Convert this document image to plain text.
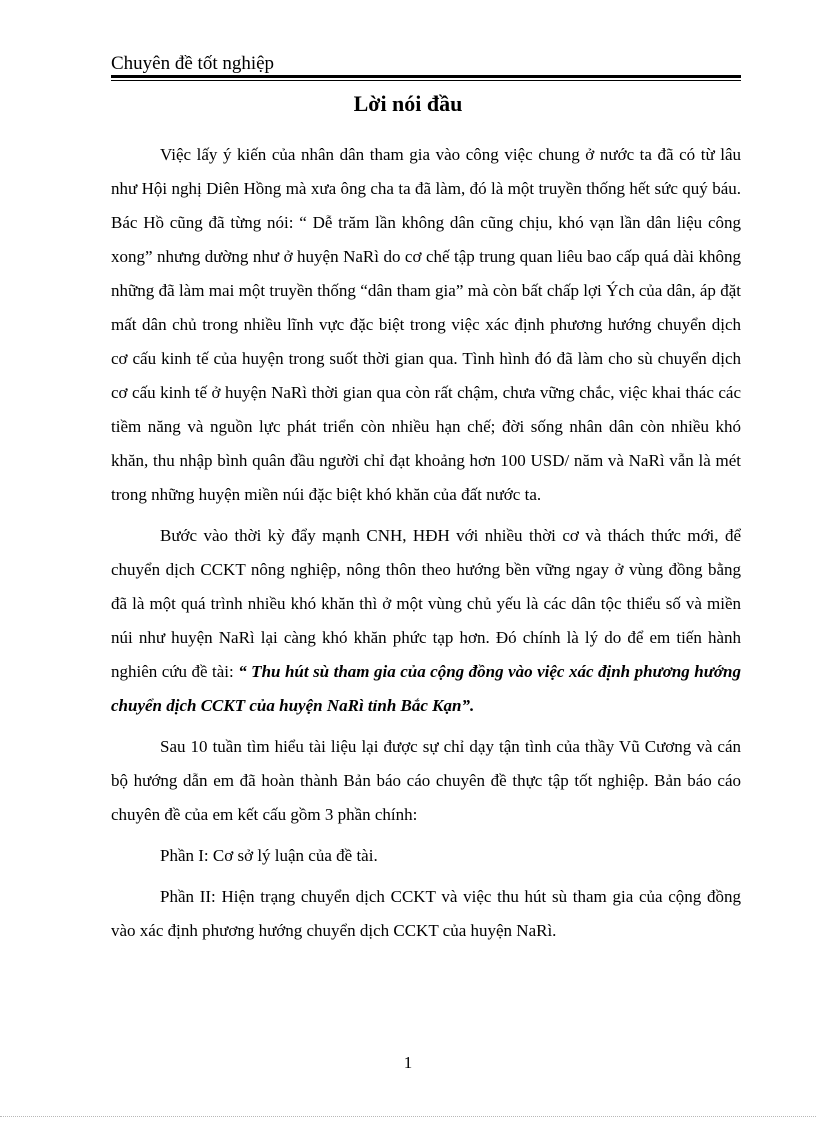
Chuyên đề tốt nghiệp
Lời nói đầu

Việc lấy ý kiến của nhân dân tham gia vào công việc chung ở nước ta đã có từ lâu như Hội nghị Diên Hồng mà xưa ông cha ta đã làm, đó là một truyền thống hết sức quý báu. Bác Hồ cũng đã từng nói: “ Dễ trăm lần không dân cũng chịu, khó vạn lần dân liệu công xong” nhưng dường như ở huyện NaRì do cơ chế tập trung quan liêu bao cấp quá dài không những đã làm mai một truyền thống “dân tham gia” mà còn bất chấp lợi Ých của dân, áp đặt mất dân chủ trong nhiều lĩnh vực đặc biệt trong việc xác định phương hướng chuyển dịch cơ cấu kinh tế của huyện trong suốt thời gian qua. Tình hình đó đã làm cho sù chuyển dịch cơ cấu kinh tế ở huyện NaRì thời gian qua còn rất chậm, chưa vững chắc, việc khai thác các tiềm năng và nguồn lực phát triển còn nhiều hạn chế; đời sống nhân dân còn nhiều khó khăn, thu nhập bình quân đầu người chỉ đạt khoảng hơn 100 USD/ năm và NaRì vẫn là mét trong những huyện miền núi đặc biệt khó khăn của đất nước ta.

Bước vào thời kỳ đẩy mạnh CNH, HĐH với nhiều thời cơ và thách thức mới, để chuyển dịch CCKT nông nghiệp, nông thôn theo hướng bền vững ngay ở vùng đồng bằng đã là một quá trình nhiều khó khăn thì ở một vùng chủ yếu là các dân tộc thiểu số và miền núi như huyện NaRì lại càng khó khăn phức tạp hơn. Đó chính là lý do để em tiến hành nghiên cứu đề tài: “ Thu hút sù tham gia của cộng đồng vào việc xác định phương hướng chuyển dịch CCKT của huyện NaRì tỉnh Bắc Kạn”.

Sau 10 tuần tìm hiểu tài liệu lại được sự chỉ dạy tận tình của thầy Vũ Cương và cán bộ hướng dẫn em đã hoàn thành Bản báo cáo chuyên đề thực tập tốt nghiệp. Bản báo cáo chuyên đề của em kết cấu gồm 3 phần chính:

Phần I: Cơ sở lý luận của đề tài.

Phần II: Hiện trạng chuyển dịch CCKT và việc thu hút sù tham gia của cộng đồng vào xác định phương hướng chuyển dịch CCKT của huyện NaRì.

1
